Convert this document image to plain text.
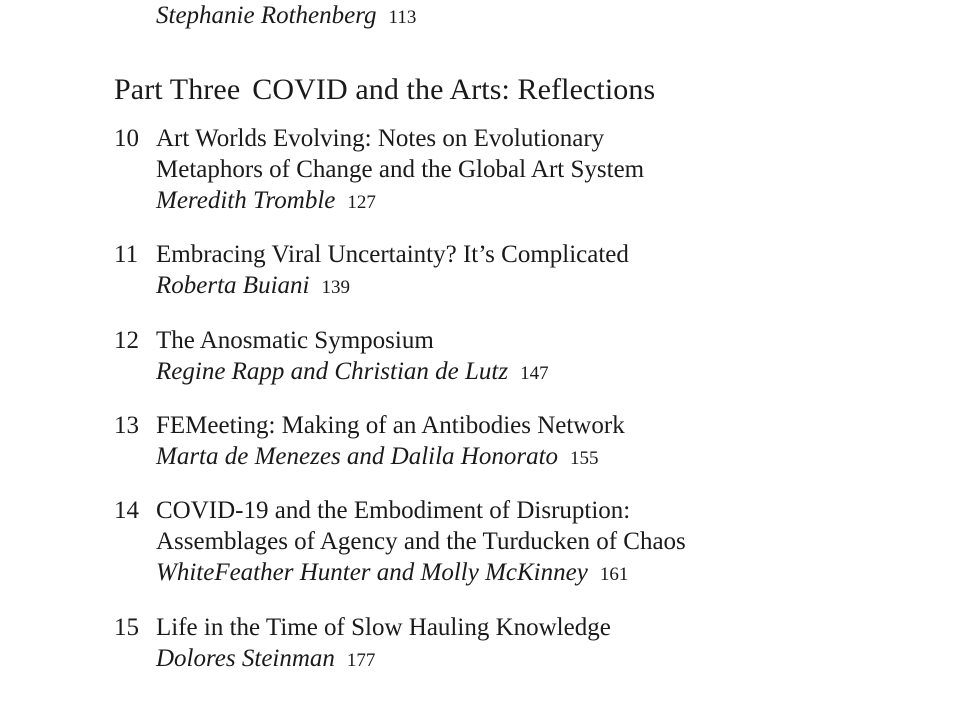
Stephanie Rothenberg 113
Part Three COVID and the Arts: Reflections
10 Art Worlds Evolving: Notes on Evolutionary
Metaphors of Change and the Global Art System
Meredith Tromble 127
11 Embracing Viral Uncertainty? It’s Complicated
Roberta Buiani 139
12 The Anosmatic Symposium
Regine Rapp and Christian de Lutz 147
13 FEMeeting: Making of an Antibodies Network
Marta de Menezes and Dalila Honorato 155
14 COVID-19 and the Embodiment of Disruption:
Assemblages of Agency and the Turducken of Chaos
WhiteFeather Hunter and Molly McKinney 161
15 Life in the Time of Slow Hauling Knowledge
Dolores Steinman 177
